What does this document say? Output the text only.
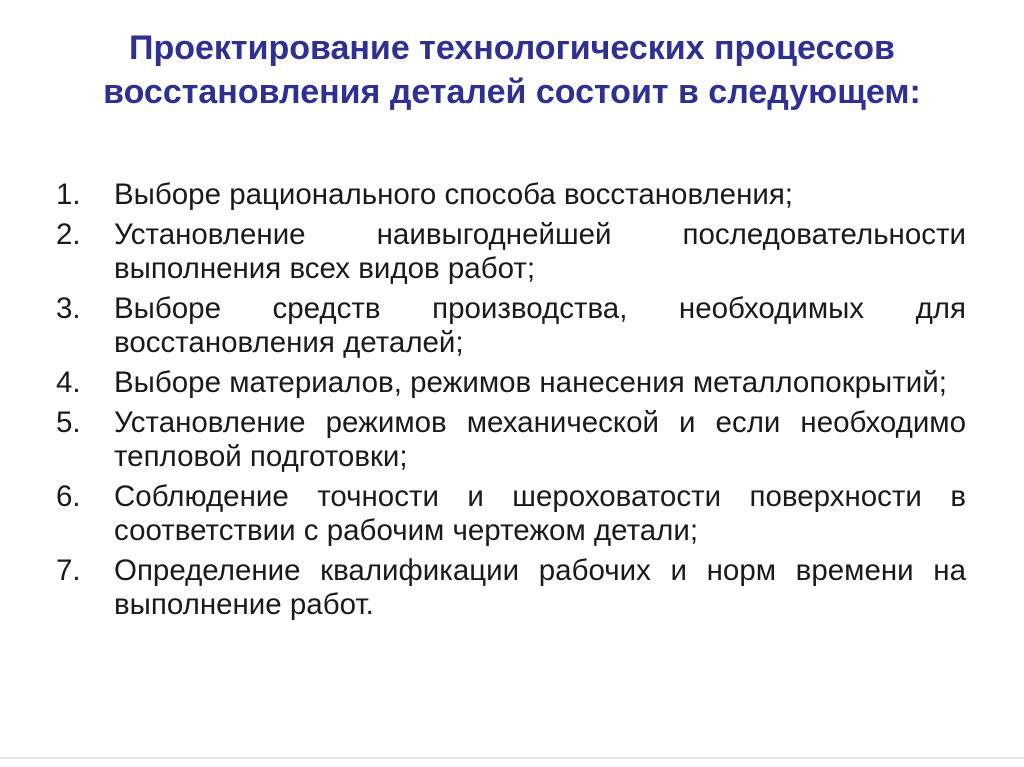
Проектирование технологических процессов восстановления деталей состоит в следующем:
1. Выборе рационального способа восстановления;
2. Установление наивыгоднейшей последовательности выполнения всех видов работ;
3. Выборе средств производства, необходимых для восстановления деталей;
4. Выборе материалов, режимов нанесения металлопокрытий;
5. Установление режимов механической и если необходимо тепловой подготовки;
6. Соблюдение точности и шероховатости поверхности в соответствии с рабочим чертежом детали;
7. Определение квалификации рабочих и норм времени на выполнение работ.
